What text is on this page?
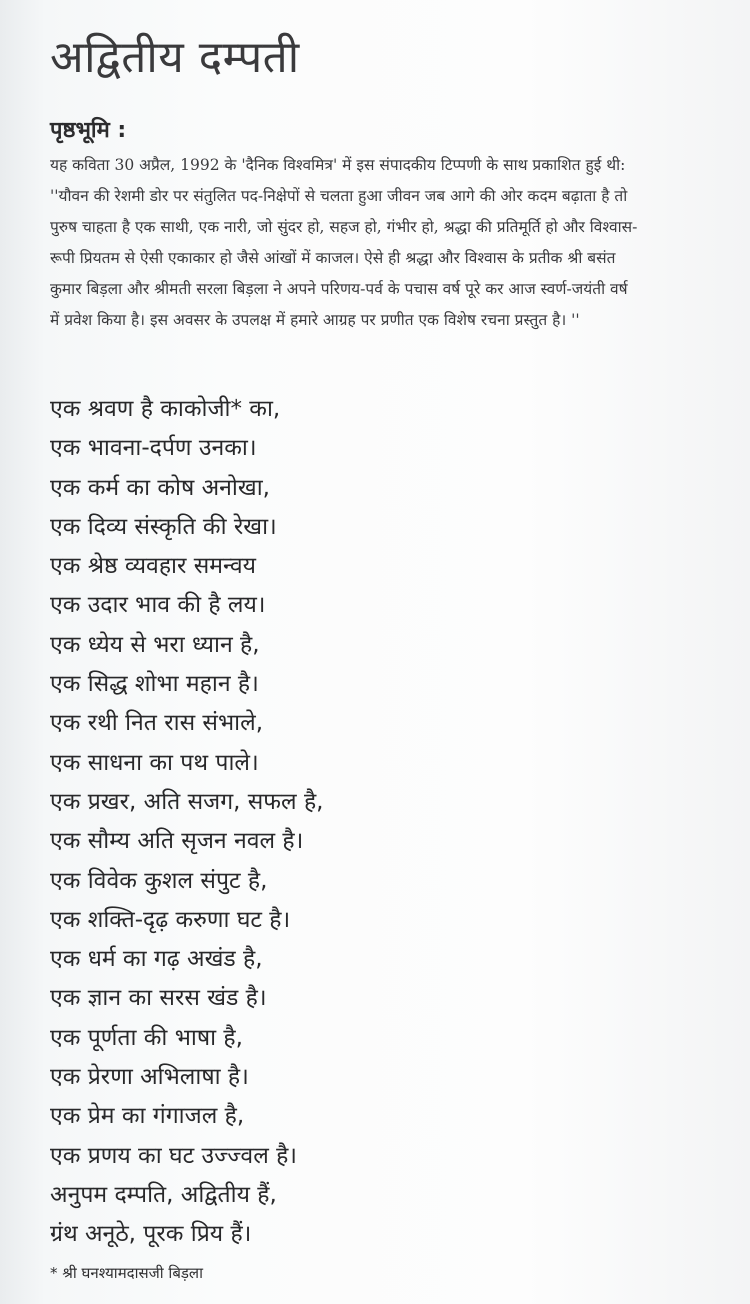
अद्वितीय दम्पती
पृष्ठभूमि :

यह कविता 30 अप्रैल, 1992 के 'दैनिक विश्वमित्र' में इस संपादकीय टिप्पणी के साथ प्रकाशित हुई थी:
''यौवन की रेशमी डोर पर संतुलित पद-निक्षेपों से चलता हुआ जीवन जब आगे की ओर कदम बढ़ाता है तो
पुरुष चाहता है एक साथी, एक नारी, जो सुंदर हो, सहज हो, गंभीर हो, श्रद्धा की प्रतिमूर्ति हो और विश्वास-
रूपी प्रियतम से ऐसी एकाकार हो जैसे आंखों में काजल। ऐसे ही श्रद्धा और विश्वास के प्रतीक श्री बसंत
कुमार बिड़ला और श्रीमती सरला बिड़ला ने अपने परिणय-पर्व के पचास वर्ष पूरे कर आज स्वर्ण-जयंती वर्ष
में प्रवेश किया है। इस अवसर के उपलक्ष में हमारे आग्रह पर प्रणीत एक विशेष रचना प्रस्तुत है। ''

एक श्रवण है काकोजी* का,
एक भावना-दर्पण उनका।
एक कर्म का कोष अनोखा,
एक दिव्य संस्कृति की रेखा।
एक श्रेष्ठ व्यवहार समन्वय
एक उदार भाव की है लय।
एक ध्येय से भरा ध्यान है,
एक सिद्ध शोभा महान है।
एक रथी नित रास संभाले,
एक साधना का पथ पाले।
एक प्रखर, अति सजग, सफल है,
एक सौम्य अति सृजन नवल है।
एक विवेक कुशल संपुट है,
एक शक्ति-दृढ़ करुणा घट है।
एक धर्म का गढ़ अखंड है,
एक ज्ञान का सरस खंड है।
एक पूर्णता की भाषा है,
एक प्रेरणा अभिलाषा है।
एक प्रेम का गंगाजल है,
एक प्रणय का घट उज्ज्वल है।
अनुपम दम्पति, अद्वितीय हैं,
ग्रंथ अनूठे, पूरक प्रिय हैं।

* श्री घनश्यामदासजी बिड़ला
